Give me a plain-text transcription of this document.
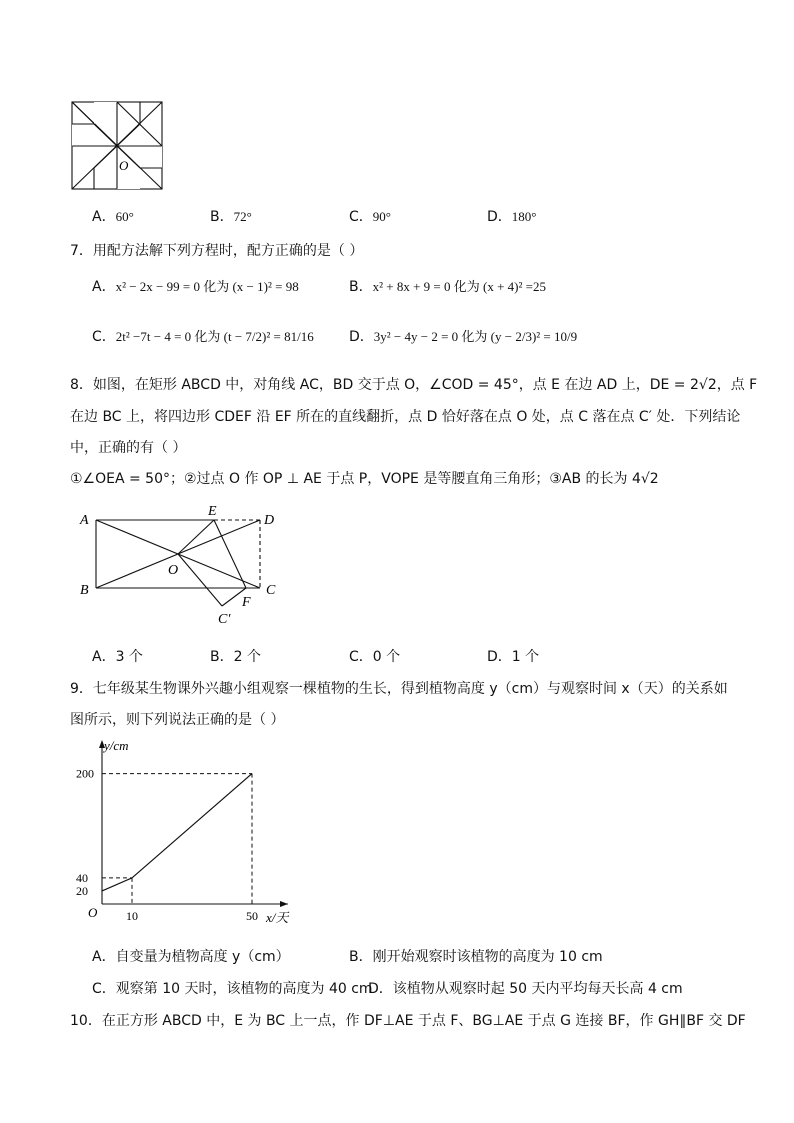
O
A．60°	B．72°	C．90°	D．180°
7．用配方法解下列方程时，配方正确的是（ ）
A．x² − 2x − 99 = 0 化为 (x − 1)² = 98	B．x² + 8x + 9 = 0 化为 (x + 4)² =25
C．2t² −7t − 4 = 0 化为 (t − 7/2)² = 81/16	D．3y² − 4y − 2 = 0 化为 (y − 2/3)² = 10/9
8．如图，在矩形 ABCD 中，对角线 AC，BD 交于点 O，∠COD = 45°，点 E 在边 AD 上，DE = 2√2，点 F
在边 BC 上，将四边形 CDEF 沿 EF 所在的直线翻折，点 D 恰好落在点 O 处，点 C 落在点 C′ 处．下列结论
中，正确的有（ ）
①∠OEA = 50°；②过点 O 作 OP ⊥ AE 于点 P，VOPE 是等腰直角三角形；③AB 的长为 4√2
A
B	C
D
E
F
O
C′
A．3 个	B．2 个	C．0 个	D．1 个
9．七年级某生物课外兴趣小组观察一棵植物的生长，得到植物高度 y（cm）与观察时间 x（天）的关系如
图所示，则下列说法正确的是（ ）
x/天
y/cm
O 10	50
20
40
200
A．自变量为植物高度 y（cm）	B．刚开始观察时该植物的高度为 10 cm
C．观察第 10 天时，该植物的高度为 40 cm
D．该植物从观察时起 50 天内平均每天长高 4 cm
10．在正方形 ABCD 中，E 为 BC 上一点，作 DF⊥AE 于点 F、BG⊥AE 于点 G 连接 BF，作 GH∥BF 交 DF
